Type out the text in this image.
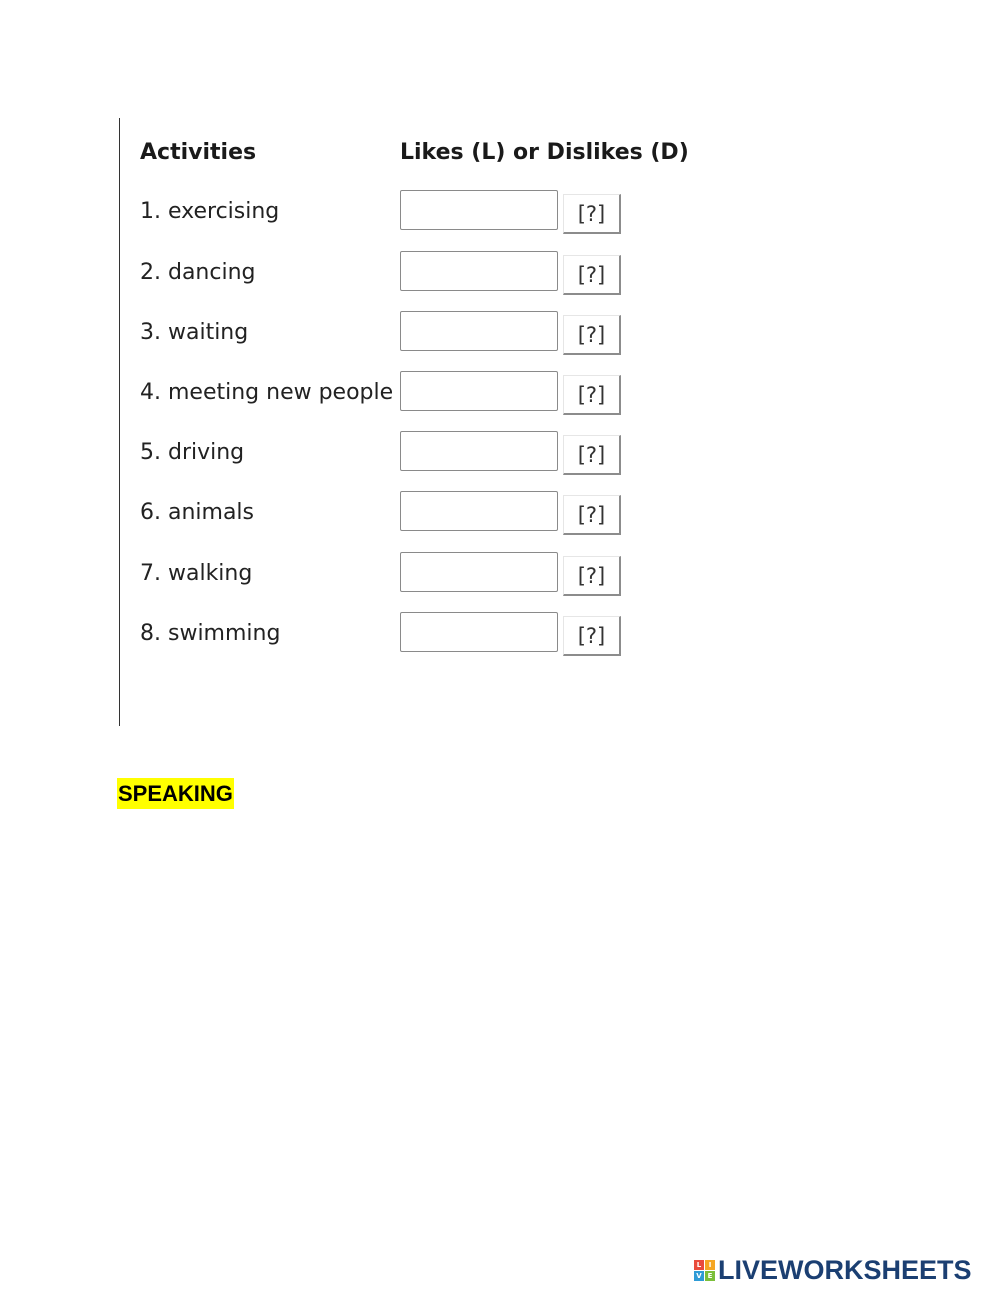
Activities	Likes (L) or Dislikes (D)
1. exercising	[?]
2. dancing	[?]
3. waiting	[?]
4. meeting new people	[?]
5. driving	[?]
6. animals	[?]
7. walking	[?]
8. swimming	[?]
SPEAKING
L	I
V E LIVEWORKSHEETS
